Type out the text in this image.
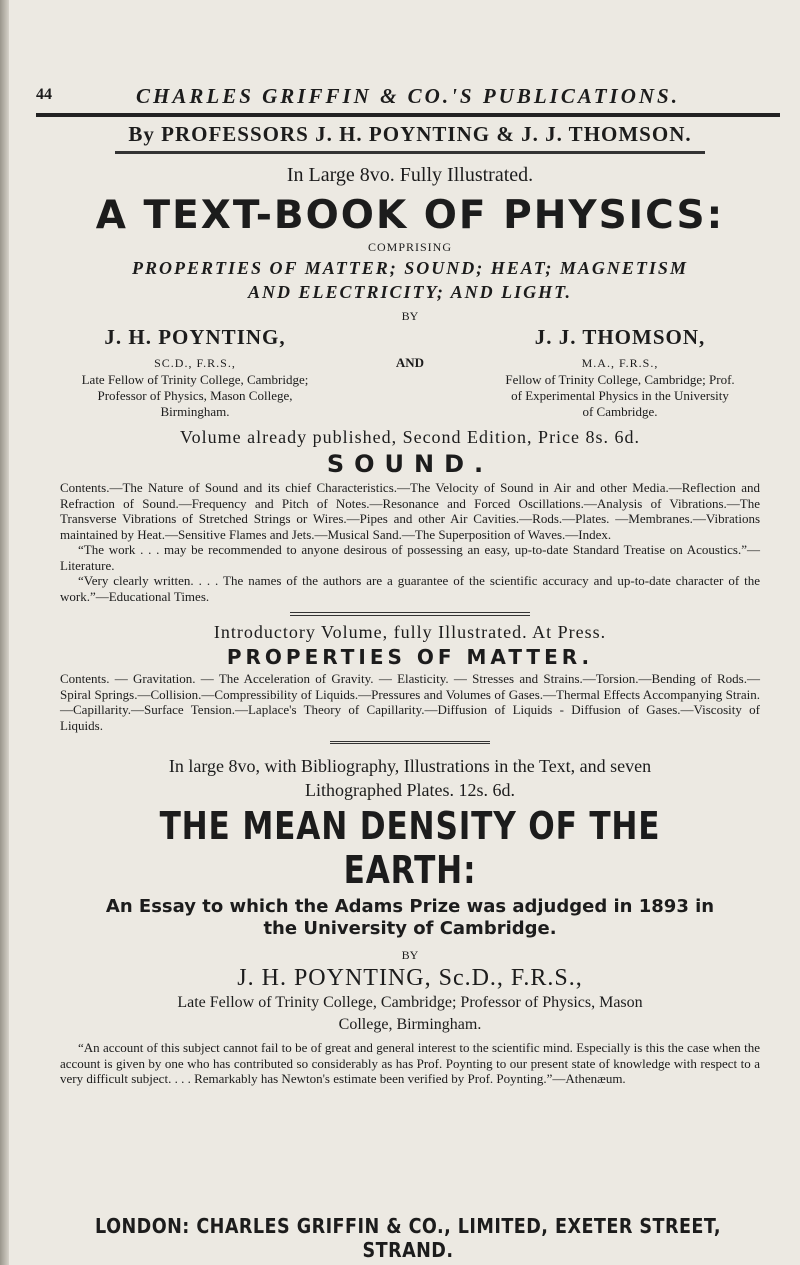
44	CHARLES GRIFFIN & CO.'S PUBLICATIONS.
By PROFESSORS J. H. POYNTING & J. J. THOMSON.
In Large 8vo. Fully Illustrated.
A TEXT-BOOK OF PHYSICS:
COMPRISING
PROPERTIES OF MATTER; SOUND; HEAT; MAGNETISM
AND ELECTRICITY; AND LIGHT.
BY
J. H. POYNTING,
SC.D., F.R.S.,
Late Fellow of Trinity College, Cambridge;
Professor of Physics, Mason College,
Birmingham.
AND
J. J. THOMSON,
M.A., F.R.S.,
Fellow of Trinity College, Cambridge; Prof.
of Experimental Physics in the University
of Cambridge.
Volume already published, Second Edition, Price 8s. 6d.
SOUND.
Contents.—The Nature of Sound and its chief Characteristics.—The Velocity of Sound in Air and other Media.—Reflection and Refraction of Sound.—Frequency and Pitch of Notes.—Resonance and Forced Oscillations.—Analysis of Vibrations.—The Transverse Vibrations of Stretched Strings or Wires.—Pipes and other Air Cavities.—Rods.—Plates. —Membranes.—Vibrations maintained by Heat.—Sensitive Flames and Jets.—Musical Sand.—The Superposition of Waves.—Index.
“The work . . . may be recommended to anyone desirous of possessing an easy, up-to-date Standard Treatise on Acoustics.”—Literature.
“Very clearly written. . . . The names of the authors are a guarantee of the scientific accuracy and up-to-date character of the work.”—Educational Times.
Introductory Volume, fully Illustrated. At Press.
PROPERTIES OF MATTER.
Contents. — Gravitation. — The Acceleration of Gravity. — Elasticity. — Stresses and Strains.—Torsion.—Bending of Rods.—Spiral Springs.—Collision.—Compressibility of Liquids.—Pressures and Volumes of Gases.—Thermal Effects Accompanying Strain.—Capillarity.—Surface Tension.—Laplace's Theory of Capillarity.—Diffusion of Liquids - Diffusion of Gases.—Viscosity of Liquids.
In large 8vo, with Bibliography, Illustrations in the Text, and seven
Lithographed Plates. 12s. 6d.
THE MEAN DENSITY OF THE EARTH:
An Essay to which the Adams Prize was adjudged in 1893 in
the University of Cambridge.
BY
J. H. POYNTING, Sc.D., F.R.S.,
Late Fellow of Trinity College, Cambridge; Professor of Physics, Mason
College, Birmingham.
“An account of this subject cannot fail to be of great and general interest to the scientific mind. Especially is this the case when the account is given by one who has contributed so considerably as has Prof. Poynting to our present state of knowledge with respect to a very difficult subject. . . . Remarkably has Newton's estimate been verified by Prof. Poynting.”—Athenæum.
LONDON: CHARLES GRIFFIN & CO., LIMITED, EXETER STREET, STRAND.
